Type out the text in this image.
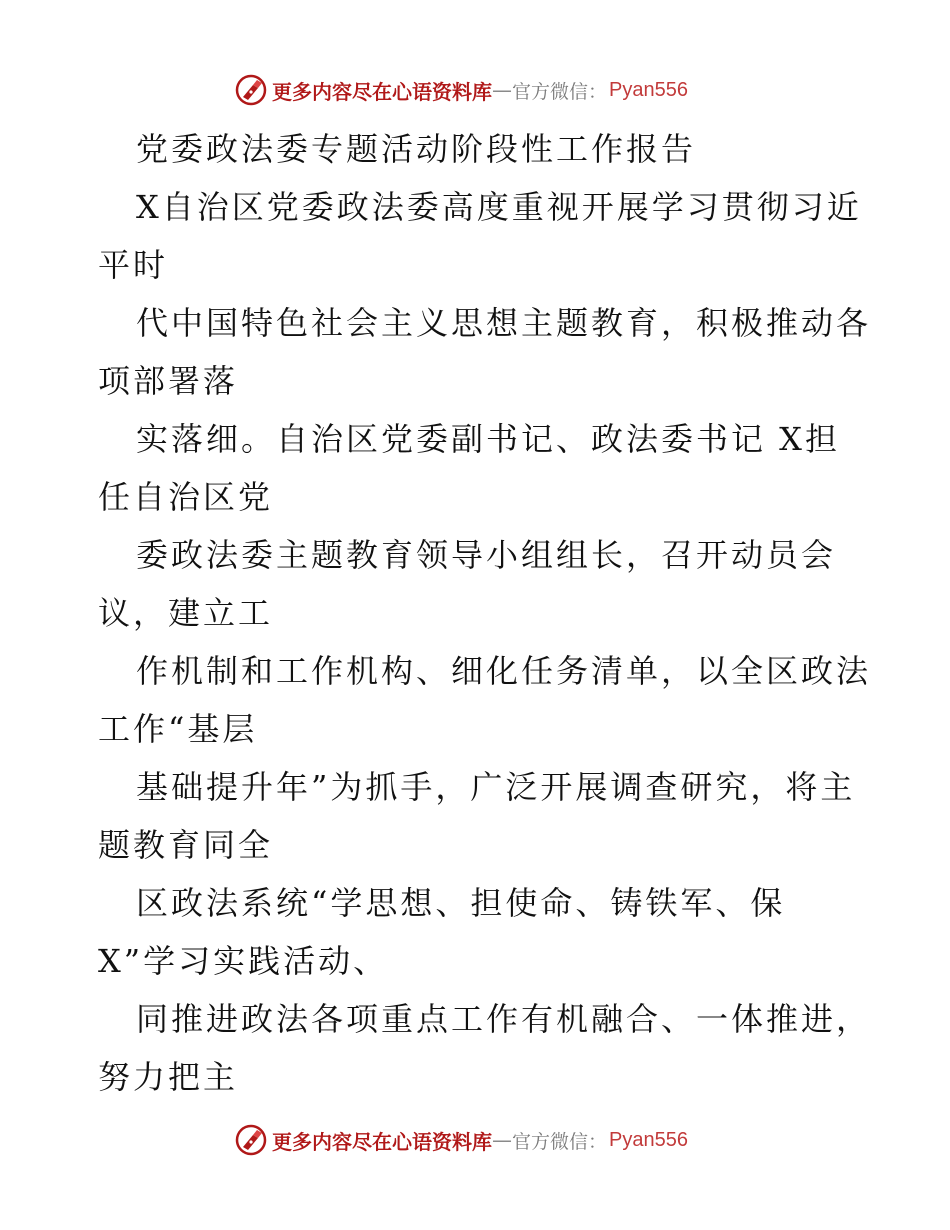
更多内容尽在心语资料库 — 官方微信： Pyan556
党委政法委专题活动阶段性工作报告
X自治区党委政法委高度重视开展学习贯彻习近
平时
代中国特色社会主义思想主题教育，积极推动各
项部署落
实落细。自治区党委副书记、政法委书记 X担
任自治区党
委政法委主题教育领导小组组长，召开动员会
议，建立工
作机制和工作机构、细化任务清单，以全区政法
工作“基层
基础提升年”为抓手，广泛开展调查研究，将主
题教育同全
区政法系统“学思想、担使命、铸铁军、保
X”学习实践活动、
同推进政法各项重点工作有机融合、一体推进，
努力把主
更多内容尽在心语资料库 — 官方微信： Pyan556
